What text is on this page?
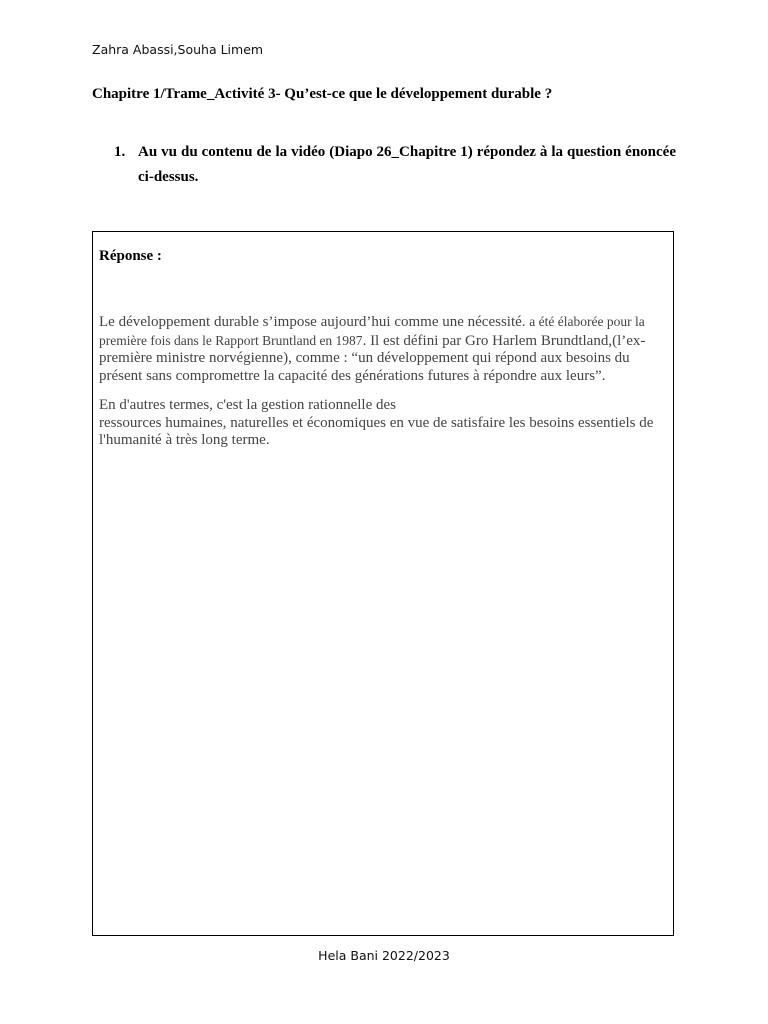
Zahra Abassi,Souha Limem
Chapitre 1/Trame_Activité 3- Qu’est-ce que le développement durable ?
1. Au vu du contenu de la vidéo (Diapo 26_Chapitre 1) répondez à la question énoncée ci-dessus.
Réponse :

Le développement durable s’impose aujourd’hui comme une nécessité. a été élaborée pour la première fois dans le Rapport Bruntland en 1987. Il est défini par Gro Harlem Brundtland,(l’ex-première ministre norvégienne), comme : “un développement qui répond aux besoins du présent sans compromettre la capacité des générations futures à répondre aux leurs”.

En d'autres termes, c'est la gestion rationnelle des
ressources humaines, naturelles et économiques en vue de satisfaire les besoins essentiels de l'humanité à très long terme.

Hela Bani 2022/2023
